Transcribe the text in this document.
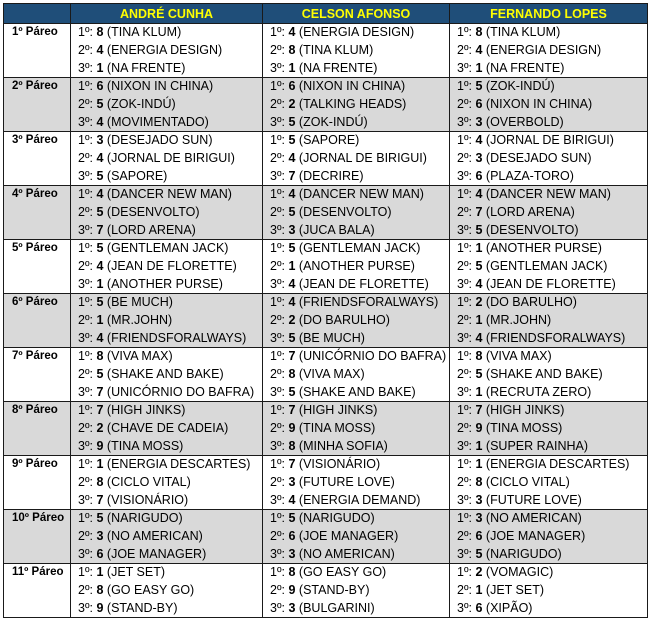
	ANDRÉ CUNHA	CELSON AFONSO	FERNANDO LOPES
1º Páreo	1º: 8 (TINA KLUM)	1º: 4 (ENERGIA DESIGN)	1º: 8 (TINA KLUM)
	2º: 4 (ENERGIA DESIGN)	2º: 8 (TINA KLUM)	2º: 4 (ENERGIA DESIGN)
	3º: 1 (NA FRENTE)	3º: 1 (NA FRENTE)	3º: 1 (NA FRENTE)
2º Páreo	1º: 6 (NIXON IN CHINA)	1º: 6 (NIXON IN CHINA)	1º: 5 (ZOK-INDÚ)
	2º: 5 (ZOK-INDÚ)	2º: 2 (TALKING HEADS)	2º: 6 (NIXON IN CHINA)
	3º: 4 (MOVIMENTADO)	3º: 5 (ZOK-INDÚ)	3º: 3 (OVERBOLD)
3º Páreo	1º: 3 (DESEJADO SUN)	1º: 5 (SAPORE)	1º: 4 (JORNAL DE BIRIGUI)
	2º: 4 (JORNAL DE BIRIGUI)	2º: 4 (JORNAL DE BIRIGUI)	2º: 3 (DESEJADO SUN)
	3º: 5 (SAPORE)	3º: 7 (DECRIRE)	3º: 6 (PLAZA-TORO)
4º Páreo	1º: 4 (DANCER NEW MAN)	1º: 4 (DANCER NEW MAN)	1º: 4 (DANCER NEW MAN)
	2º: 5 (DESENVOLTO)	2º: 5 (DESENVOLTO)	2º: 7 (LORD ARENA)
	3º: 7 (LORD ARENA)	3º: 3 (JUCA BALA)	3º: 5 (DESENVOLTO)
5º Páreo	1º: 5 (GENTLEMAN JACK)	1º: 5 (GENTLEMAN JACK)	1º: 1 (ANOTHER PURSE)
	2º: 4 (JEAN DE FLORETTE)	2º: 1 (ANOTHER PURSE)	2º: 5 (GENTLEMAN JACK)
	3º: 1 (ANOTHER PURSE)	3º: 4 (JEAN DE FLORETTE)	3º: 4 (JEAN DE FLORETTE)
6º Páreo	1º: 5 (BE MUCH)	1º: 4 (FRIENDSFORALWAYS)	1º: 2 (DO BARULHO)
	2º: 1 (MR.JOHN)	2º: 2 (DO BARULHO)	2º: 1 (MR.JOHN)
	3º: 4 (FRIENDSFORALWAYS)	3º: 5 (BE MUCH)	3º: 4 (FRIENDSFORALWAYS)
7º Páreo	1º: 8 (VIVA MAX)	1º: 7 (UNICÓRNIO DO BAFRA)	1º: 8 (VIVA MAX)
	2º: 5 (SHAKE AND BAKE)	2º: 8 (VIVA MAX)	2º: 5 (SHAKE AND BAKE)
	3º: 7 (UNICÓRNIO DO BAFRA)	3º: 5 (SHAKE AND BAKE)	3º: 1 (RECRUTA ZERO)
8º Páreo	1º: 7 (HIGH JINKS)	1º: 7 (HIGH JINKS)	1º: 7 (HIGH JINKS)
	2º: 2 (CHAVE DE CADEIA)	2º: 9 (TINA MOSS)	2º: 9 (TINA MOSS)
	3º: 9 (TINA MOSS)	3º: 8 (MINHA SOFIA)	3º: 1 (SUPER RAINHA)
9º Páreo	1º: 1 (ENERGIA DESCARTES)	1º: 7 (VISIONÁRIO)	1º: 1 (ENERGIA DESCARTES)
	2º: 8 (CICLO VITAL)	2º: 3 (FUTURE LOVE)	2º: 8 (CICLO VITAL)
	3º: 7 (VISIONÁRIO)	3º: 4 (ENERGIA DEMAND)	3º: 3 (FUTURE LOVE)
10º Páreo	1º: 5 (NARIGUDO)	1º: 5 (NARIGUDO)	1º: 3 (NO AMERICAN)
	2º: 3 (NO AMERICAN)	2º: 6 (JOE MANAGER)	2º: 6 (JOE MANAGER)
	3º: 6 (JOE MANAGER)	3º: 3 (NO AMERICAN)	3º: 5 (NARIGUDO)
11º Páreo	1º: 1 (JET SET)	1º: 8 (GO EASY GO)	1º: 2 (VOMAGIC)
	2º: 8 (GO EASY GO)	2º: 9 (STAND-BY)	2º: 1 (JET SET)
	3º: 9 (STAND-BY)	3º: 3 (BULGARINI)	3º: 6 (XIPÃO)
